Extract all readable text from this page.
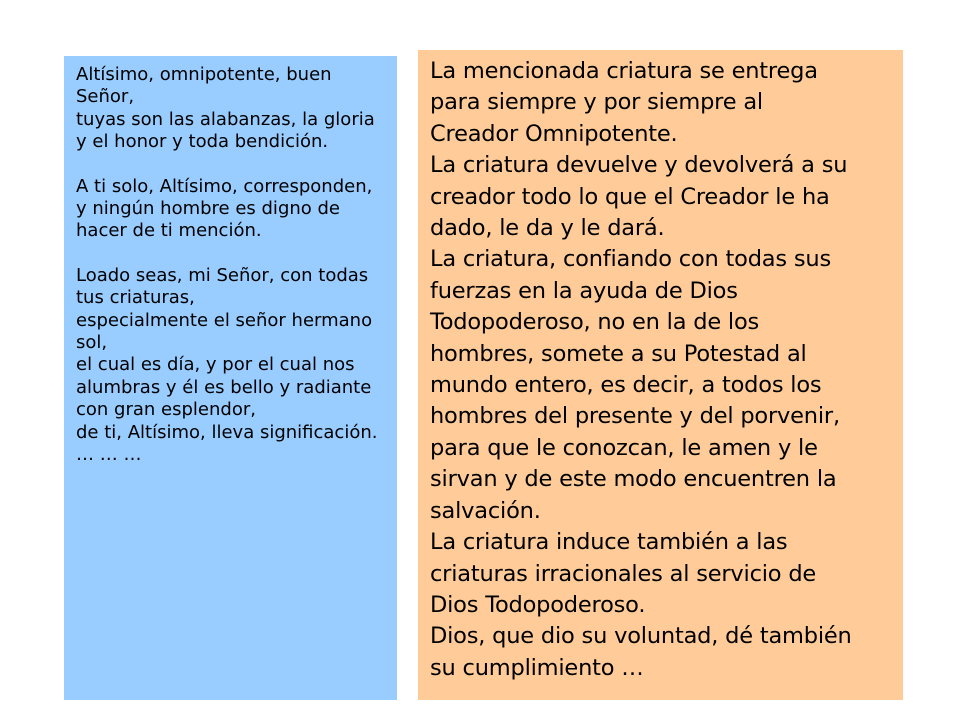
Altísimo, omnipotente, buen Señor,
tuyas son las alabanzas, la gloria y el honor y toda bendición.
A ti solo, Altísimo, corresponden,
y ningún hombre es digno de hacer de ti mención.
Loado seas, mi Señor, con todas tus criaturas,
especialmente el señor hermano sol,
el cual es día, y por el cual nos alumbras y él es bello y radiante con gran esplendor,
de ti, Altísimo, lleva significación.
… … …

La mencionada criatura se entrega
para siempre y por siempre al
Creador Omnipotente.

La criatura devuelve y devolverá a su
creador todo lo que el Creador le ha
dado, le da y le dará.

La criatura, confiando con todas sus
fuerzas en la ayuda de Dios
Todopoderoso, no en la de los
hombres, somete a su Potestad al
mundo entero, es decir, a todos los
hombres del presente y del porvenir,
para que le conozcan, le amen y le
sirvan y de este modo encuentren la
salvación.

La criatura induce también a las
criaturas irracionales al servicio de
Dios Todopoderoso.

Dios, que dio su voluntad, dé también
su cumplimiento …
